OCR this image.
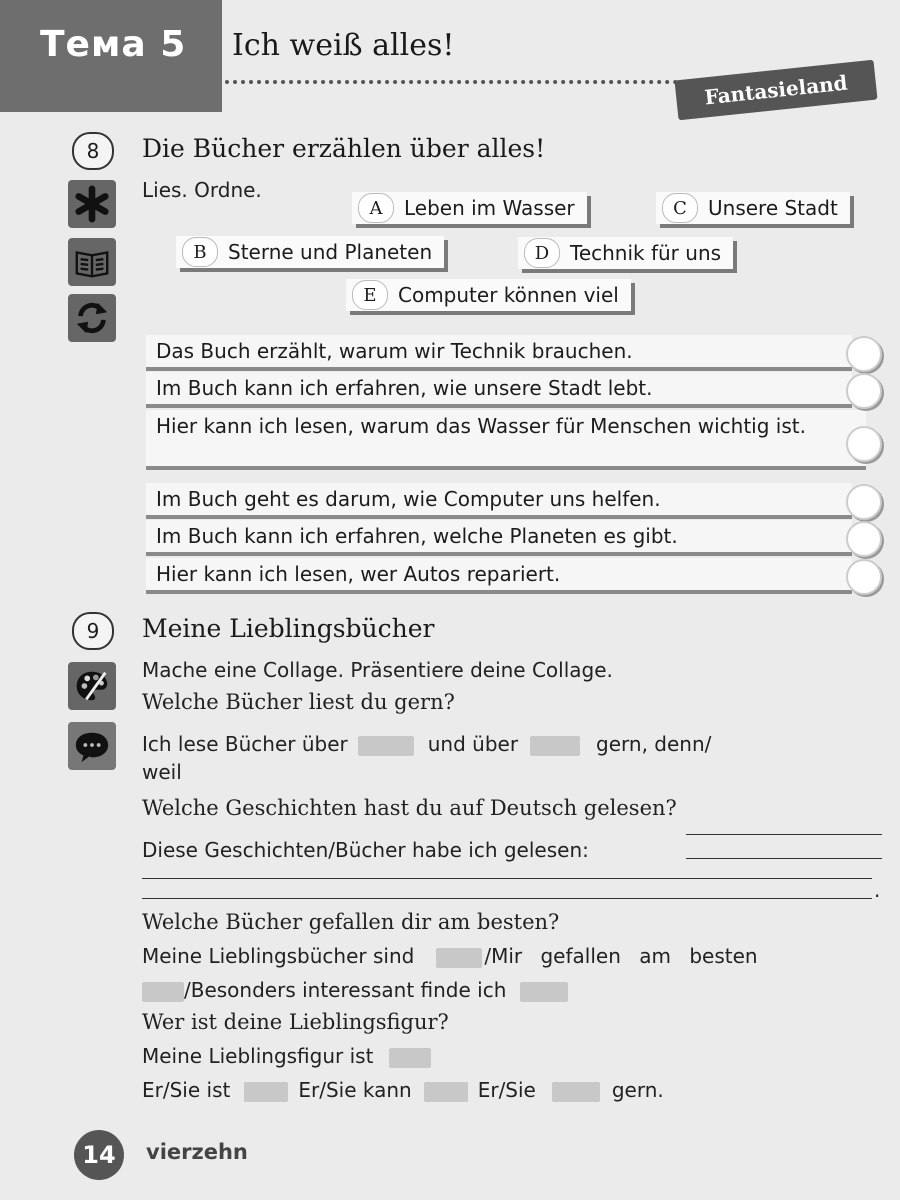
Тема 5 Ich weiß alles!
Fantasieland
8	Die Bücher erzählen über alles!
Lies. Ordne.
A	Leben im Wasser	C	Unsere Stadt
B	Sterne und Planeten	D	Technik für uns
E	Computer können viel
Das Buch erzählt, warum wir Technik brauchen.
Im Buch kann ich erfahren, wie unsere Stadt lebt.
Hier kann ich lesen, warum das Wasser für Menschen wichtig ist.
Im Buch geht es darum, wie Computer uns helfen.
Im Buch kann ich erfahren, welche Planeten es gibt.
Hier kann ich lesen, wer Autos repariert.
9	Meine Lieblingsbücher
Mache eine Collage. Präsentiere deine Collage.
Welche Bücher liest du gern?
Ich lese Bücher über	und über	gern, denn/
weil
Welche Geschichten hast du auf Deutsch gelesen?
Diese Geschichten/Bücher habe ich gelesen:
.
Welche Bücher gefallen dir am besten?
Meine Lieblingsbücher sind	/Mir gefallen am besten
/Besonders interessant finde ich
Wer ist deine Lieblingsfigur?
Meine Lieblingsfigur ist
Er/Sie ist	Er/Sie kann	Er/Sie	gern.
14	vierzehn
